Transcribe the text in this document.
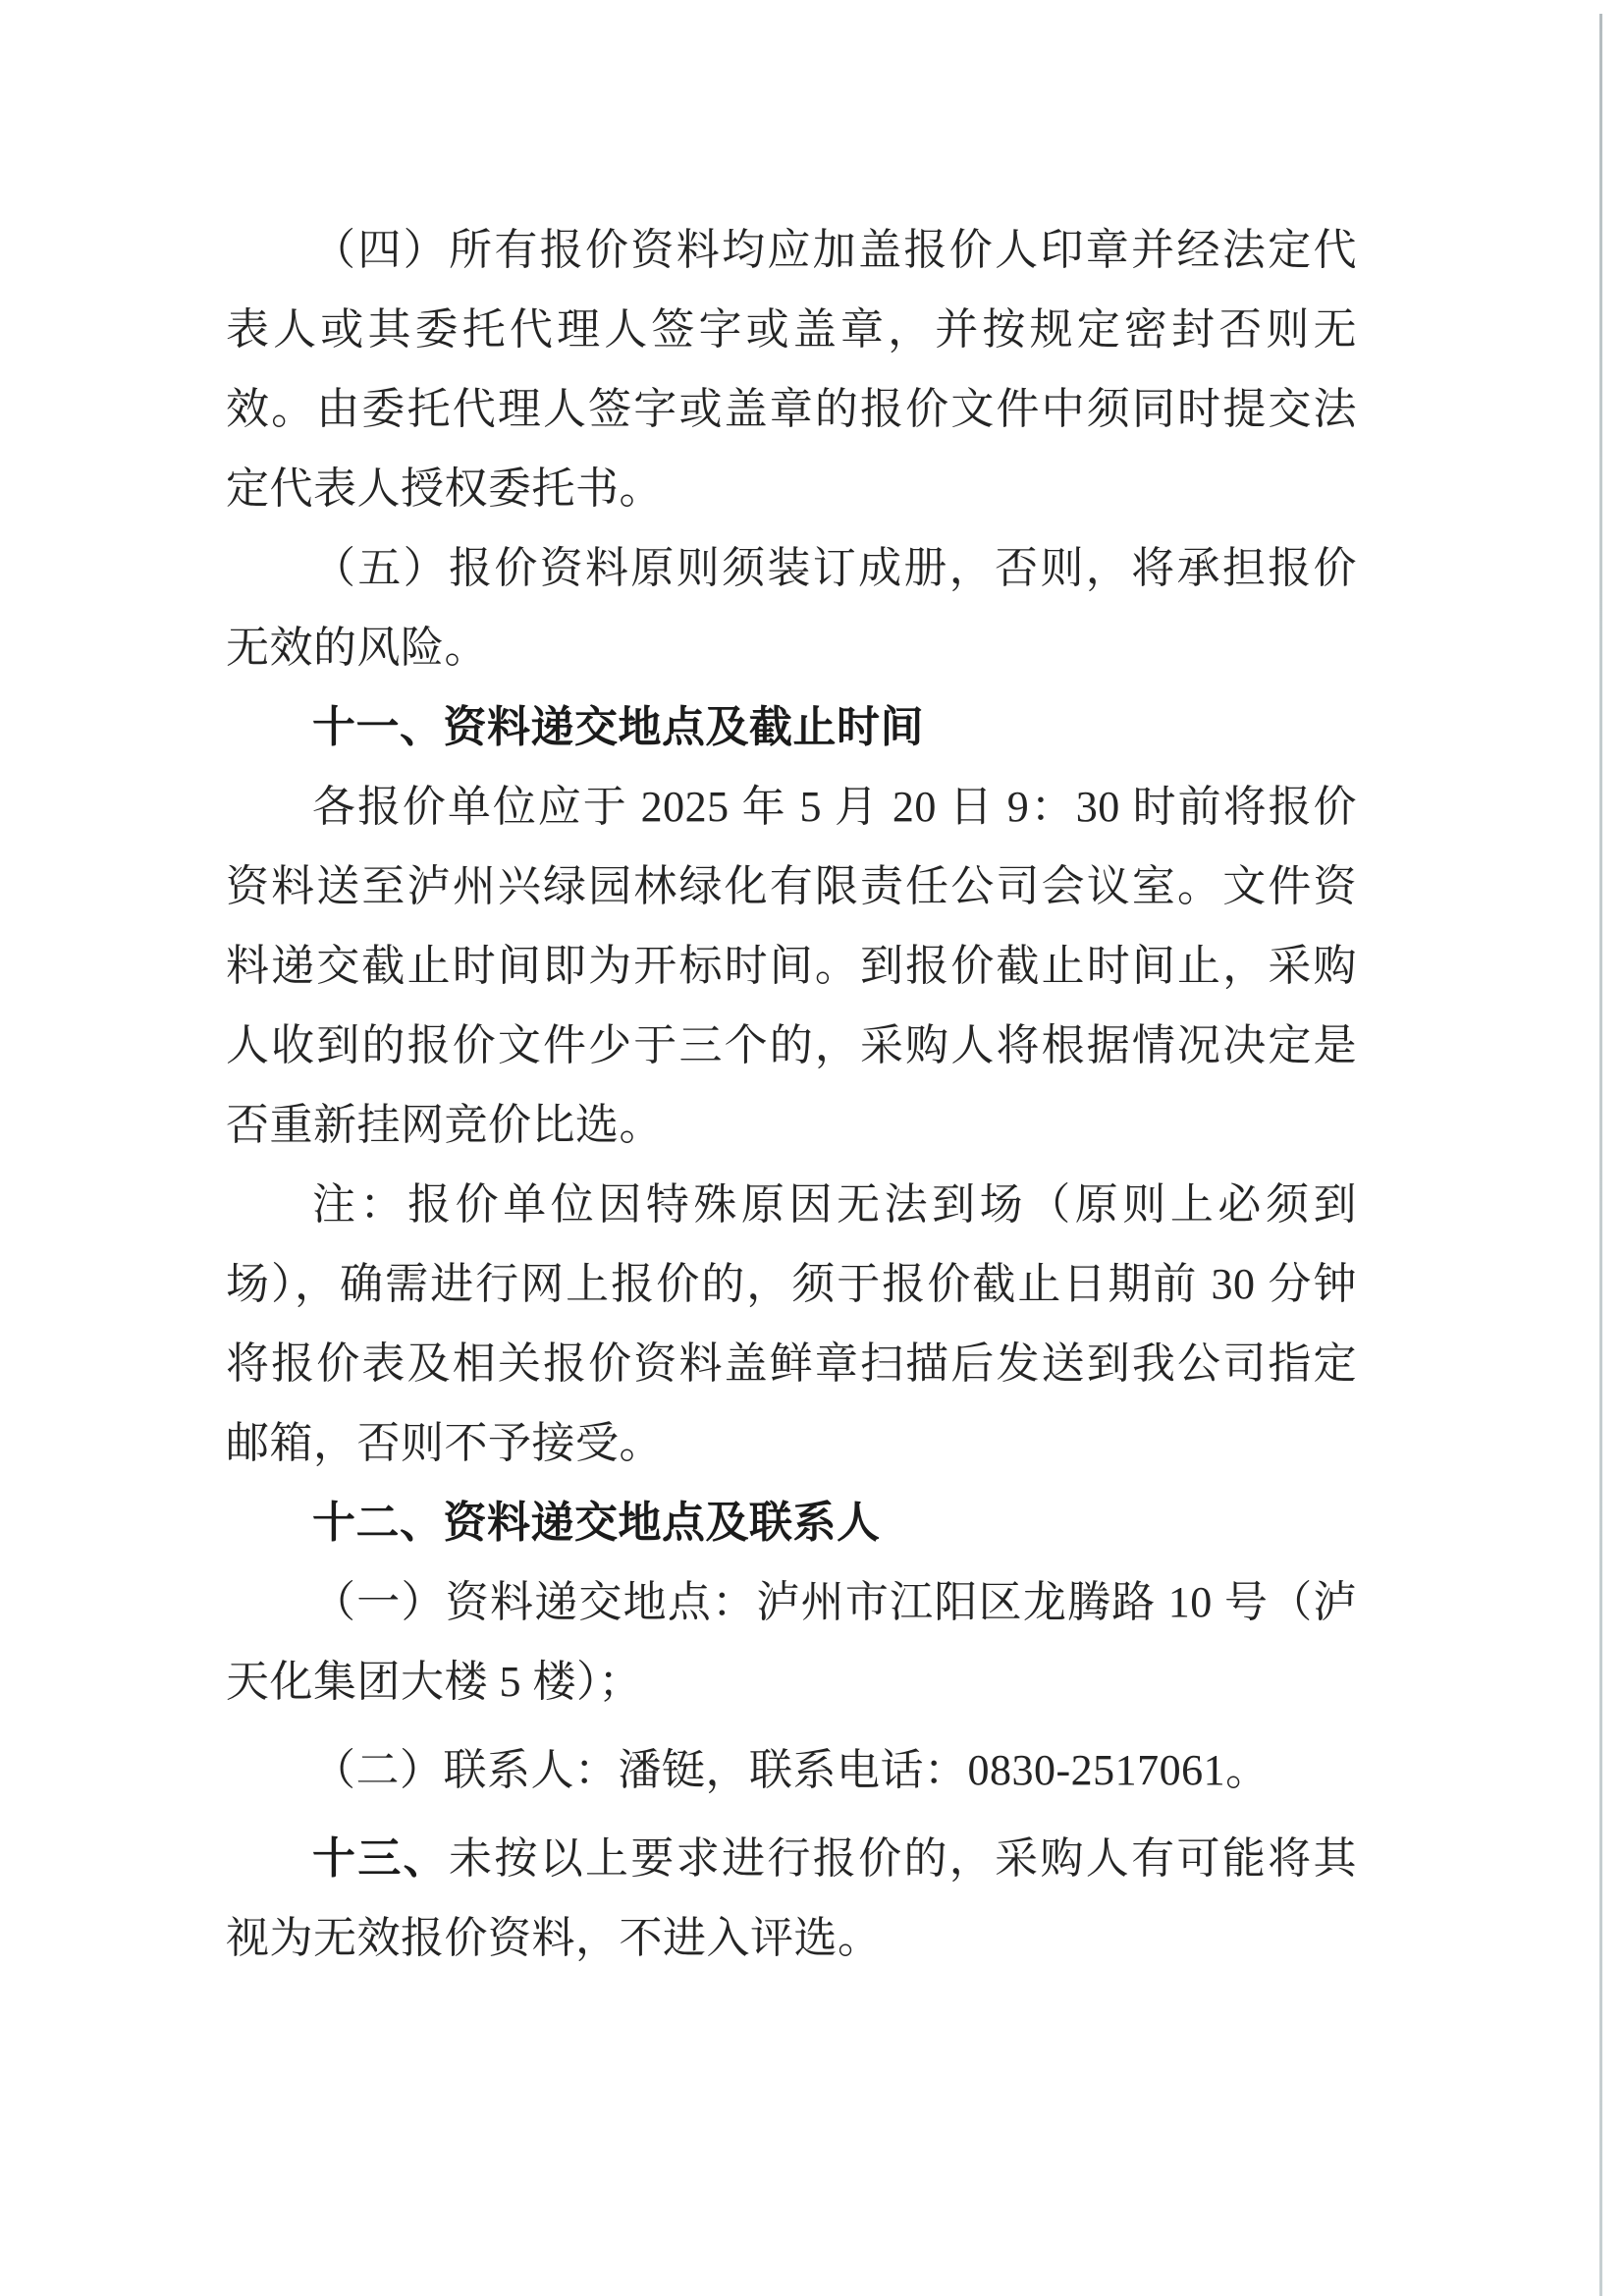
（四）所有报价资料均应加盖报价人印章并经法定代表人或其委托代理人签字或盖章，并按规定密封否则无效。由委托代理人签字或盖章的报价文件中须同时提交法定代表人授权委托书。

（五）报价资料原则须装订成册，否则，将承担报价无效的风险。

十一、资料递交地点及截止时间

各报价单位应于 2025 年 5 月 20 日 9：30 时前将报价资料送至泸州兴绿园林绿化有限责任公司会议室。文件资料递交截止时间即为开标时间。到报价截止时间止，采购人收到的报价文件少于三个的，采购人将根据情况决定是否重新挂网竞价比选。

注：报价单位因特殊原因无法到场（原则上必须到场），确需进行网上报价的，须于报价截止日期前 30 分钟将报价表及相关报价资料盖鲜章扫描后发送到我公司指定邮箱，否则不予接受。

十二、资料递交地点及联系人

（一）资料递交地点：泸州市江阳区龙腾路 10 号（泸天化集团大楼 5 楼）；

（二）联系人：潘铤，联系电话：0830-2517061。

十三、未按以上要求进行报价的，采购人有可能将其视为无效报价资料，不进入评选。
